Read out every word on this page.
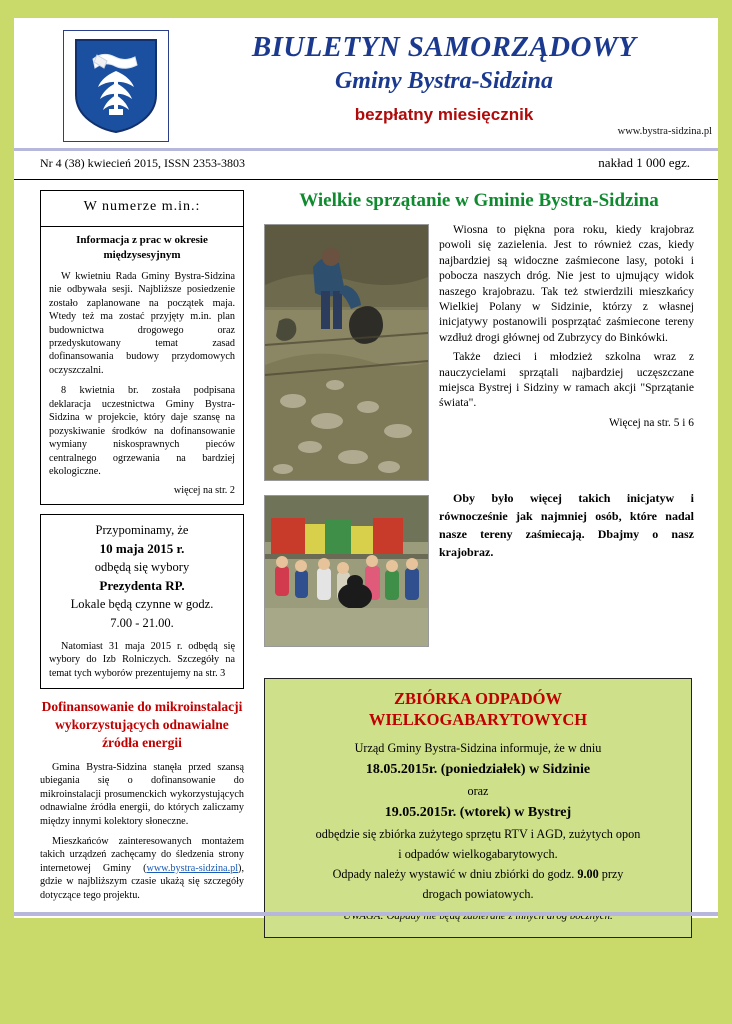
BIULETYN SAMORZĄDOWY
Gminy Bystra-Sidzina
bezpłatny miesięcznik
www.bystra-sidzina.pl
Nr 4 (38) kwiecień 2015, ISSN 2353-3803	nakład 1 000 egz.
W numerze m.in.:

Informacja z prac w okresie międzysesyjnym

W kwietniu Rada Gminy Bystra-Sidzina nie odbywała sesji. Najbliższe posiedzenie zostało zaplanowane na początek maja. Wtedy też ma zostać przyjęty m.in. plan budownictwa drogowego oraz przedyskutowany temat zasad dofinansowania budowy przydomowych oczyszczalni.

8 kwietnia br. została podpisana deklaracja uczestnictwa Gminy Bystra-Sidzina w projekcie, który daje szansę na pozyskiwanie środków na dofinansowanie wymiany niskosprawnych pieców centralnego ogrzewania na bardziej ekologiczne.

więcej na str. 2

Przypominamy, że

10 maja 2015 r.

odbędą się wybory

Prezydenta RP.

Lokale będą czynne w godz.

7.00 - 21.00.

Natomiast 31 maja 2015 r. odbędą się wybory do Izb Rolniczych. Szczegóły na temat tych wyborów prezentujemy na str. 3

Dofinansowanie do mikroinstalacji wykorzystujących odnawialne źródła energii

Gmina Bystra-Sidzina stanęła przed szansą ubiegania się o dofinansowanie do mikroinstalacji prosumenckich wykorzystujących odnawialne źródła energii, do których zaliczamy między innymi kolektory słoneczne.

Mieszkańców zainteresowanych montażem takich urządzeń zachęcamy do śledzenia strony internetowej Gminy (www.bystra-sidzina.pl), gdzie w najbliższym czasie ukażą się szczegóły dotyczące tego projektu.

Wielkie sprzątanie w Gminie Bystra-Sidzina

Wiosna to piękna pora roku, kiedy krajobraz powoli się zazielenia. Jest to również czas, kiedy najbardziej są widoczne zaśmiecone lasy, potoki i pobocza naszych dróg. Nie jest to ujmujący widok naszego krajobrazu. Tak też stwierdzili mieszkańcy Wielkiej Polany w Sidzinie, którzy z własnej inicjatywy postanowili posprzątać zaśmiecone tereny wzdłuż drogi głównej od Zubrzycy do Binkówki.

Także dzieci i młodzież szkolna wraz z nauczycielami sprzątali najbardziej uczęszczane miejsca Bystrej i Sidziny w ramach akcji "Sprzątanie świata".

Więcej na str. 5 i 6

Oby było więcej takich inicjatyw i równocześnie jak najmniej osób, które nadal nasze tereny zaśmiecają. Dbajmy o nasz krajobraz.

ZBIÓRKA ODPADÓW
WIELKOGABARYTOWYCH

Urząd Gminy Bystra-Sidzina informuje, że w dniu

18.05.2015r. (poniedziałek) w Sidzinie

oraz

19.05.2015r. (wtorek) w Bystrej

odbędzie się zbiórka zużytego sprzętu RTV i AGD, zużytych opon

i odpadów wielkogabarytowych.

Odpady należy wystawić w dniu zbiórki do godz. 9.00 przy

drogach powiatowych.
